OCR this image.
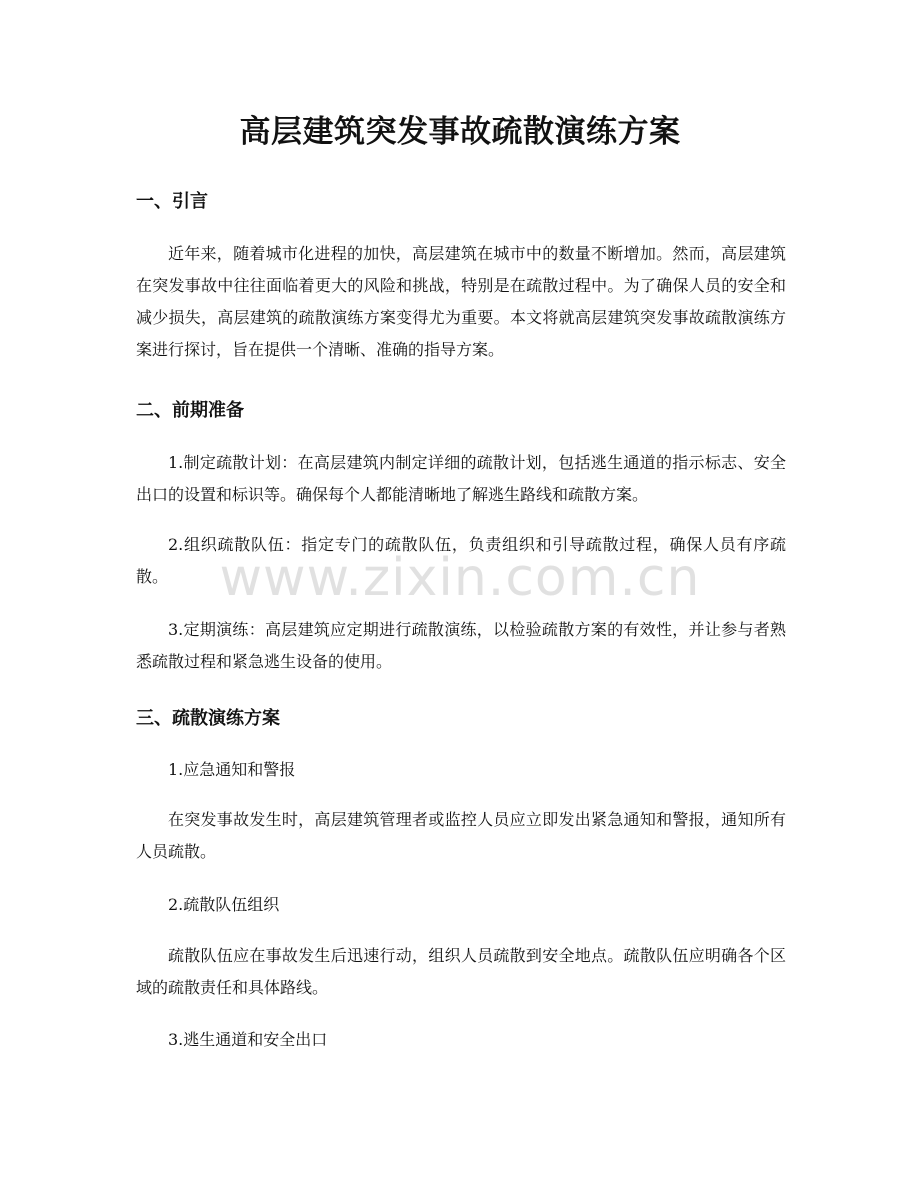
高层建筑突发事故疏散演练方案
一、引言

近年来，随着城市化进程的加快，高层建筑在城市中的数量不断增加。然而，高层建筑在突发事故中往往面临着更大的风险和挑战，特别是在疏散过程中。为了确保人员的安全和减少损失，高层建筑的疏散演练方案变得尤为重要。本文将就高层建筑突发事故疏散演练方案进行探讨，旨在提供一个清晰、准确的指导方案。

二、前期准备

1.制定疏散计划：在高层建筑内制定详细的疏散计划，包括逃生通道的指示标志、安全出口的设置和标识等。确保每个人都能清晰地了解逃生路线和疏散方案。

2.组织疏散队伍：指定专门的疏散队伍，负责组织和引导疏散过程，确保人员有序疏散。

3.定期演练：高层建筑应定期进行疏散演练，以检验疏散方案的有效性，并让参与者熟悉疏散过程和紧急逃生设备的使用。

三、疏散演练方案

1.应急通知和警报

在突发事故发生时，高层建筑管理者或监控人员应立即发出紧急通知和警报，通知所有人员疏散。

2.疏散队伍组织

疏散队伍应在事故发生后迅速行动，组织人员疏散到安全地点。疏散队伍应明确各个区域的疏散责任和具体路线。

3.逃生通道和安全出口

www.zixin.com.cn
